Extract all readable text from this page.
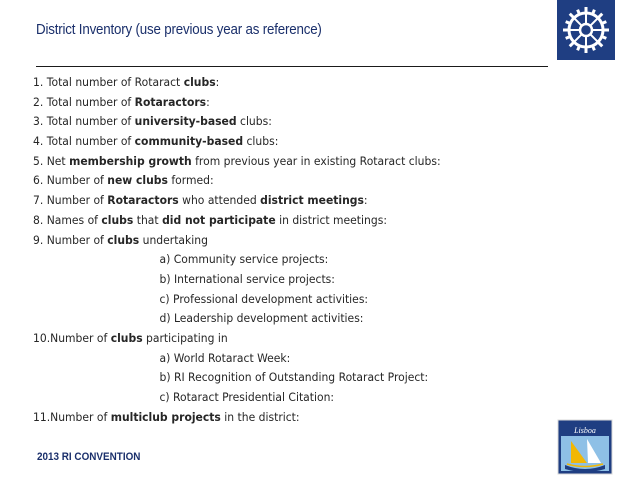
District Inventory (use previous year as reference)
1. Total number of Rotaract clubs:
2. Total number of Rotaractors:
3. Total number of university-based clubs:
4. Total number of community-based clubs:
5. Net membership growth from previous year in existing Rotaract clubs:
6. Number of new clubs formed:
7. Number of Rotaractors who attended district meetings:
8. Names of clubs that did not participate in district meetings:
9. Number of clubs undertaking
a) Community service projects:
b) International service projects:
c) Professional development activities:
d) Leadership development activities:
10.Number of clubs participating in
a) World Rotaract Week:
b) RI Recognition of Outstanding Rotaract Project:
c) Rotaract Presidential Citation:
11.Number of multiclub projects in the district:
2013 RI CONVENTION
Lisboa
